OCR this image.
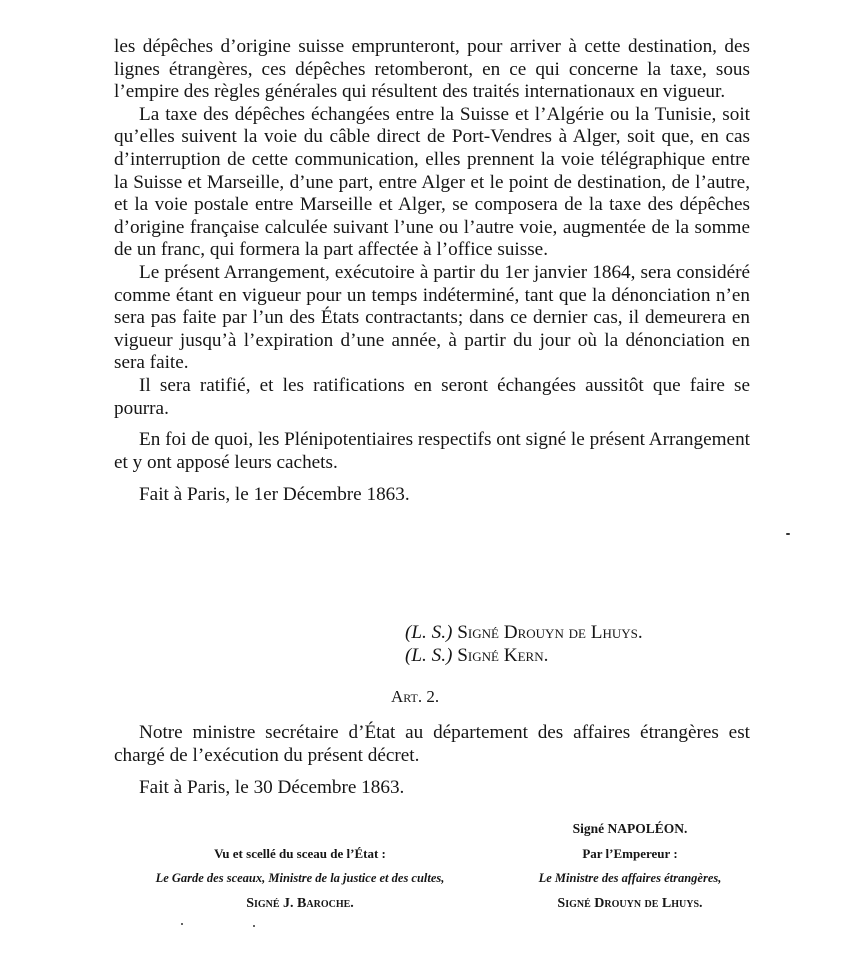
les dépêches d’origine suisse emprunteront, pour arriver à cette destination, des lignes étrangères, ces dépêches retomberont, en ce qui concerne la taxe, sous l’empire des règles générales qui résultent des traités internationaux en vigueur.

La taxe des dépêches échangées entre la Suisse et l’Algérie ou la Tunisie, soit qu’elles suivent la voie du câble direct de Port-Vendres à Alger, soit que, en cas d’interruption de cette communication, elles prennent la voie télégraphique entre la Suisse et Marseille, d’une part, entre Alger et le point de destination, de l’autre, et la voie postale entre Marseille et Alger, se composera de la taxe des dépêches d’origine française calculée suivant l’une ou l’autre voie, augmentée de la somme de un franc, qui formera la part affectée à l’office suisse.

Le présent Arrangement, exécutoire à partir du 1er janvier 1864, sera considéré comme étant en vigueur pour un temps indéterminé, tant que la dénonciation n’en sera pas faite par l’un des États contractants; dans ce dernier cas, il demeurera en vigueur jusqu’à l’expiration d’une année, à partir du jour où la dénonciation en sera faite.

Il sera ratifié, et les ratifications en seront échangées aussitôt que faire se pourra.

En foi de quoi, les Plénipotentiaires respectifs ont signé le présent Arrangement et y ont apposé leurs cachets.

Fait à Paris, le 1er Décembre 1863.

(L. S.) Signé Drouyn de Lhuys.
(L. S.) Signé Kern.
Art. 2.

Notre ministre secrétaire d’État au département des affaires étrangères est chargé de l’exécution du présent décret.

Fait à Paris, le 30 Décembre 1863.

Signé NAPOLÉON.
Vu et scellé du sceau de l’État :
Le Garde des sceaux, Ministre de la justice et des cultes,
Signé J. Baroche.
Par l’Empereur :
Le Ministre des affaires étrangères,
Signé Drouyn de Lhuys.
